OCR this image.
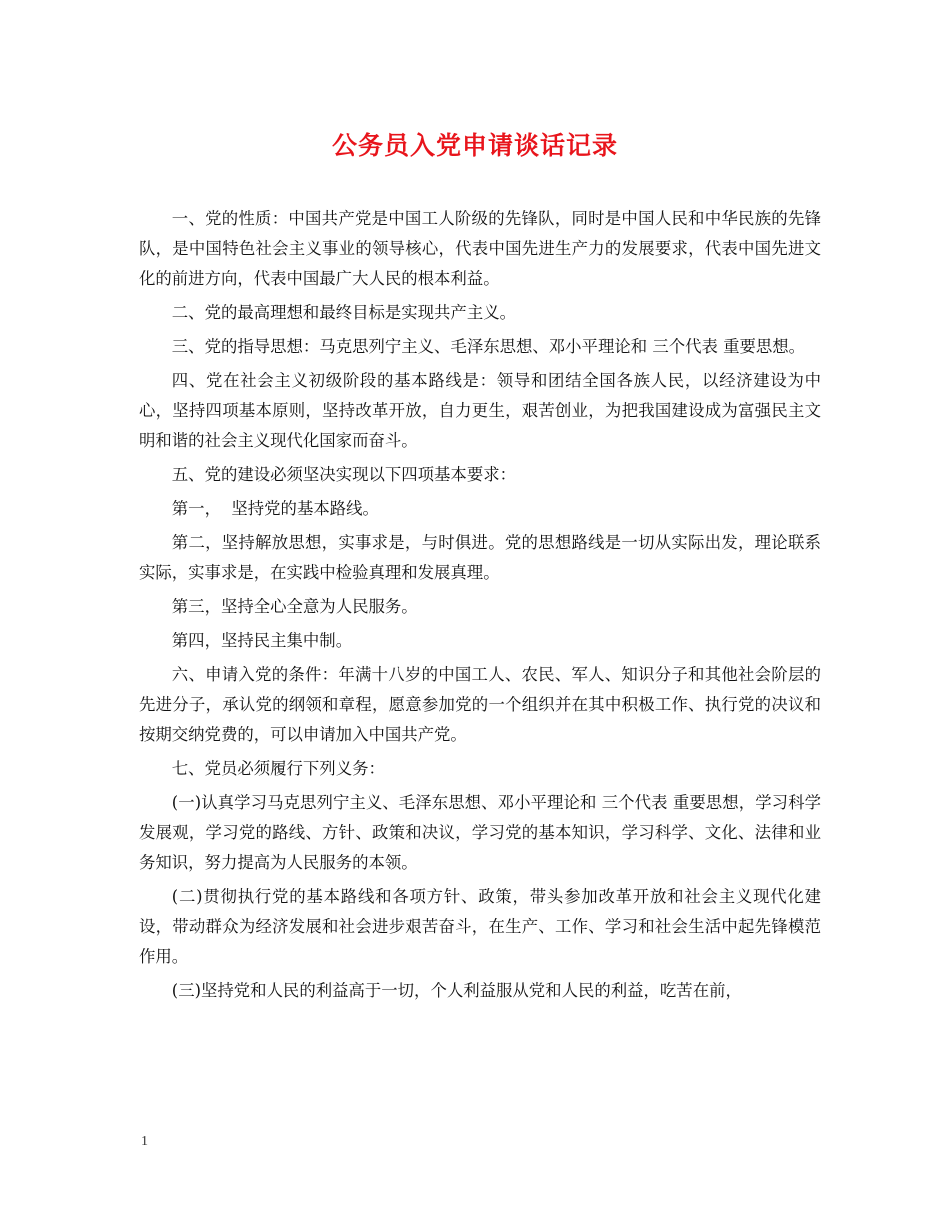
公务员入党申请谈话记录

一、党的性质：中国共产党是中国工人阶级的先锋队，同时是中国人民和中华民族的先锋队，是中国特色社会主义事业的领导核心，代表中国先进生产力的发展要求，代表中国先进文化的前进方向，代表中国最广大人民的根本利益。

二、党的最高理想和最终目标是实现共产主义。

三、党的指导思想：马克思列宁主义、毛泽东思想、邓小平理论和 三个代表 重要思想。

四、党在社会主义初级阶段的基本路线是：领导和团结全国各族人民，以经济建设为中心，坚持四项基本原则，坚持改革开放，自力更生，艰苦创业，为把我国建设成为富强民主文明和谐的社会主义现代化国家而奋斗。

五、党的建设必须坚决实现以下四项基本要求：

第一，  坚持党的基本路线。

第二，坚持解放思想，实事求是，与时俱进。党的思想路线是一切从实际出发，理论联系实际，实事求是，在实践中检验真理和发展真理。

第三，坚持全心全意为人民服务。

第四，坚持民主集中制。

六、申请入党的条件：年满十八岁的中国工人、农民、军人、知识分子和其他社会阶层的先进分子，承认党的纲领和章程，愿意参加党的一个组织并在其中积极工作、执行党的决议和按期交纳党费的，可以申请加入中国共产党。

七、党员必须履行下列义务：

(一)认真学习马克思列宁主义、毛泽东思想、邓小平理论和 三个代表 重要思想，学习科学发展观，学习党的路线、方针、政策和决议，学习党的基本知识，学习科学、文化、法律和业务知识，努力提高为人民服务的本领。

(二)贯彻执行党的基本路线和各项方针、政策，带头参加改革开放和社会主义现代化建设，带动群众为经济发展和社会进步艰苦奋斗，在生产、工作、学习和社会生活中起先锋模范作用。

(三)坚持党和人民的利益高于一切，个人利益服从党和人民的利益，吃苦在前，

1
